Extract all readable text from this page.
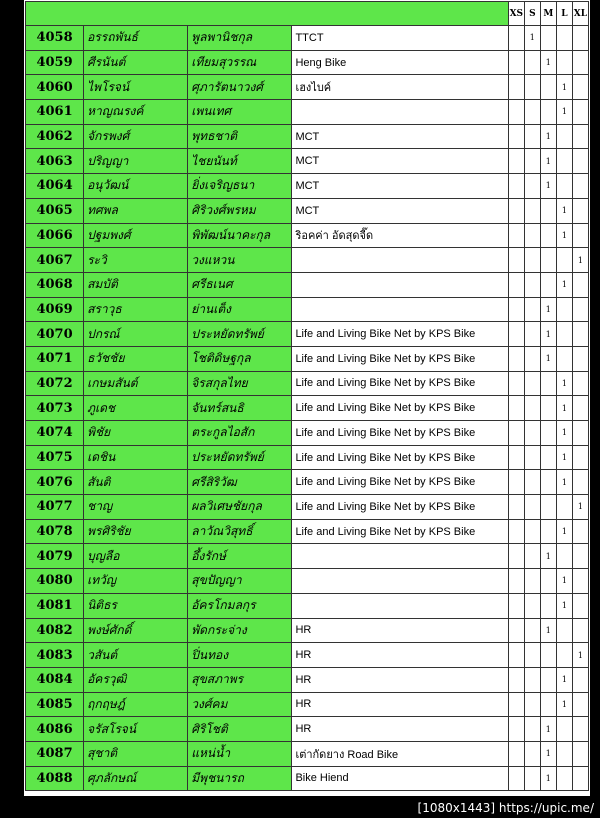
				XS	S	M	L	XL
4058	อรรถพันธ์	พูลพานิชกุล	TTCT		1			
4059	ศีรนันต์	เทียมสุวรรณ	Heng Bike			1		
4060	ไพโรจน์	ศุภารัตนาวงศ์	เฮงไบค์				1	
4061	หาญณรงค์	เพนเทศ					1	
4062	จักรพงศ์	พุทธชาติ	MCT			1		
4063	ปริญญา	ไชยนันท์	MCT			1		
4064	อนุวัฒน์	ยิ่งเจริญธนา	MCT			1		
4065	ทศพล	ศิริวงศ์พรหม	MCT				1	
4066	ปฐมพงศ์	พิพัฒน์นาคะกุล	ริอคค่า อัดสุดจี๊ด				1	
4067	ระวิ	วงแหวน						1
4068	สมบัติ	ศรีธเนศ					1	
4069	สราวุธ	ย่านเต็ง				1		
4070	ปกรณ์	ประหยัดทรัพย์	Life and Living Bike Net by KPS Bike			1		
4071	ธวัชชัย	โชติดิษฐกุล	Life and Living Bike Net by KPS Bike			1		
4072	เกษมสันต์	จิรสกุลไทย	Life and Living Bike Net by KPS Bike				1	
4073	ภูเดช	จันทร์สนธิ	Life and Living Bike Net by KPS Bike				1	
4074	พิชัย	ตระกูลไอสัก	Life and Living Bike Net by KPS Bike				1	
4075	เดชิน	ประหยัดทรัพย์	Life and Living Bike Net by KPS Bike				1	
4076	สันติ	ศรีสิริวัฒ	Life and Living Bike Net by KPS Bike				1	
4077	ชาญ	ผลวิเศษชัยกุล	Life and Living Bike Net by KPS Bike					1
4078	พรศิริชัย	ลาวัณวิสุทธิ์	Life and Living Bike Net by KPS Bike				1	
4079	บุญลือ	อึ้งรักษ์				1		
4080	เทวัญ	สุขปัญญา					1	
4081	นิติธร	อัครโกมลกุร					1	
4082	พงษ์ศักดิ์	พัดกระจ่าง	HR			1		
4083	วสันต์	ปิ่นทอง	HR					1
4084	อัครวุฒิ	สุขสภาพร	HR				1	
4085	ฤกฤษฎ์	วงศ์คม	HR				1	
4086	จรัสโรจน์	ศิริโชติ	HR			1		
4087	สุชาติ	แหน่น้ำ	เต่ากัดยาง Road Bike			1		
4088	ศุภลักษณ์	มีพุชนารถ	Bike Hiend			1		
[1080x1443] https://upic.me/
